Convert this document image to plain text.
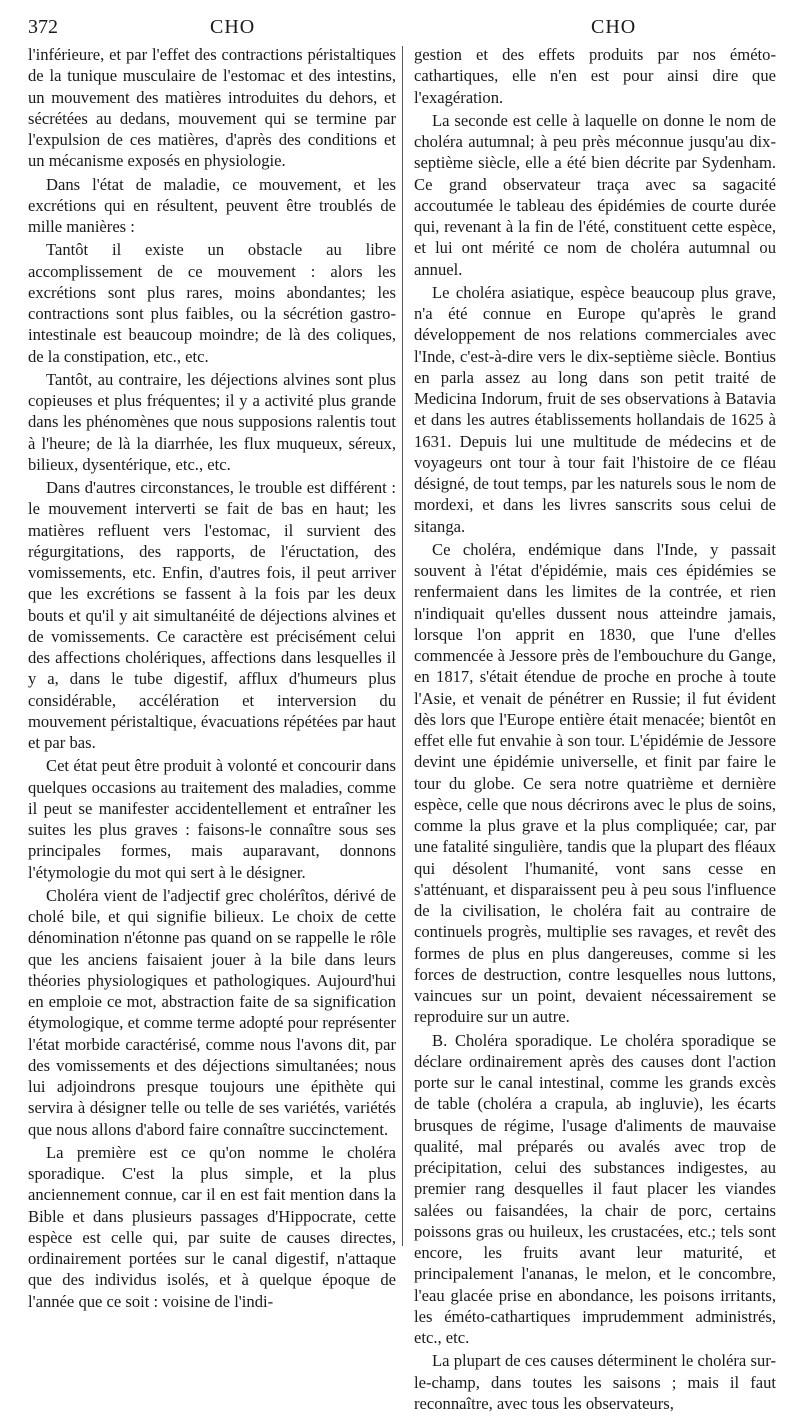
372	CHO	CHO

l'inférieure, et par l'effet des contractions péristaltiques de la tunique musculaire de l'estomac et des intestins, un mouvement des matières introduites du dehors, et sécrétées au dedans, mouvement qui se termine par l'expulsion de ces matières, d'après des conditions et un mécanisme exposés en physiologie.

Dans l'état de maladie, ce mouvement, et les excrétions qui en résultent, peuvent être troublés de mille manières :

Tantôt il existe un obstacle au libre accomplissement de ce mouvement : alors les excrétions sont plus rares, moins abondantes; les contractions sont plus faibles, ou la sécrétion gastro-intestinale est beaucoup moindre; de là des coliques, de la constipation, etc., etc.

Tantôt, au contraire, les déjections alvines sont plus copieuses et plus fréquentes; il y a activité plus grande dans les phénomènes que nous supposions ralentis tout à l'heure; de là la diarrhée, les flux muqueux, séreux, bilieux, dysentérique, etc., etc.

Dans d'autres circonstances, le trouble est différent : le mouvement interverti se fait de bas en haut; les matières refluent vers l'estomac, il survient des régurgitations, des rapports, de l'éructation, des vomissements, etc. Enfin, d'autres fois, il peut arriver que les excrétions se fassent à la fois par les deux bouts et qu'il y ait simultanéité de déjections alvines et de vomissements. Ce caractère est précisément celui des affections cholériques, affections dans lesquelles il y a, dans le tube digestif, afflux d'humeurs plus considérable, accélération et interversion du mouvement péristaltique, évacuations répétées par haut et par bas.

Cet état peut être produit à volonté et concourir dans quelques occasions au traitement des maladies, comme il peut se manifester accidentellement et entraîner les suites les plus graves : faisons-le connaître sous ses principales formes, mais auparavant, donnons l'étymologie du mot qui sert à le désigner.

Choléra vient de l'adjectif grec cholérîtos, dérivé de cholé bile, et qui signifie bilieux. Le choix de cette dénomination n'étonne pas quand on se rappelle le rôle que les anciens faisaient jouer à la bile dans leurs théories physiologiques et pathologiques. Aujourd'hui en emploie ce mot, abstraction faite de sa signification étymologique, et comme terme adopté pour représenter l'état morbide caractérisé, comme nous l'avons dit, par des vomissements et des déjections simultanées; nous lui adjoindrons presque toujours une épithète qui servira à désigner telle ou telle de ses variétés, variétés que nous allons d'abord faire connaître succinctement.

La première est ce qu'on nomme le choléra sporadique. C'est la plus simple, et la plus anciennement connue, car il en est fait mention dans la Bible et dans plusieurs passages d'Hippocrate, cette espèce est celle qui, par suite de causes directes, ordinairement portées sur le canal digestif, n'attaque que des individus isolés, et à quelque époque de l'année que ce soit : voisine de l'indi-

gestion et des effets produits par nos éméto-cathartiques, elle n'en est pour ainsi dire que l'exagération.

La seconde est celle à laquelle on donne le nom de choléra autumnal; à peu près méconnue jusqu'au dix-septième siècle, elle a été bien décrite par Sydenham. Ce grand observateur traça avec sa sagacité accoutumée le tableau des épidémies de courte durée qui, revenant à la fin de l'été, constituent cette espèce, et lui ont mérité ce nom de choléra autumnal ou annuel.

Le choléra asiatique, espèce beaucoup plus grave, n'a été connue en Europe qu'après le grand développement de nos relations commerciales avec l'Inde, c'est-à-dire vers le dix-septième siècle. Bontius en parla assez au long dans son petit traité de Medicina Indorum, fruit de ses observations à Batavia et dans les autres établissements hollandais de 1625 à 1631. Depuis lui une multitude de médecins et de voyageurs ont tour à tour fait l'histoire de ce fléau désigné, de tout temps, par les naturels sous le nom de mordexi, et dans les livres sanscrits sous celui de sitanga.

Ce choléra, endémique dans l'Inde, y passait souvent à l'état d'épidémie, mais ces épidémies se renfermaient dans les limites de la contrée, et rien n'indiquait qu'elles dussent nous atteindre jamais, lorsque l'on apprit en 1830, que l'une d'elles commencée à Jessore près de l'embouchure du Gange, en 1817, s'était étendue de proche en proche à toute l'Asie, et venait de pénétrer en Russie; il fut évident dès lors que l'Europe entière était menacée; bientôt en effet elle fut envahie à son tour. L'épidémie de Jessore devint une épidémie universelle, et finit par faire le tour du globe. Ce sera notre quatrième et dernière espèce, celle que nous décrirons avec le plus de soins, comme la plus grave et la plus compliquée; car, par une fatalité singulière, tandis que la plupart des fléaux qui désolent l'humanité, vont sans cesse en s'atténuant, et disparaissent peu à peu sous l'influence de la civilisation, le choléra fait au contraire de continuels progrès, multiplie ses ravages, et revêt des formes de plus en plus dangereuses, comme si les forces de destruction, contre lesquelles nous luttons, vaincues sur un point, devaient nécessairement se reproduire sur un autre.

B. Choléra sporadique. Le choléra sporadique se déclare ordinairement après des causes dont l'action porte sur le canal intestinal, comme les grands excès de table (choléra a crapula, ab ingluvie), les écarts brusques de régime, l'usage d'aliments de mauvaise qualité, mal préparés ou avalés avec trop de précipitation, celui des substances indigestes, au premier rang desquelles il faut placer les viandes salées ou faisandées, la chair de porc, certains poissons gras ou huileux, les crustacées, etc.; tels sont encore, les fruits avant leur maturité, et principalement l'ananas, le melon, et le concombre, l'eau glacée prise en abondance, les poisons irritants, les éméto-cathartiques imprudemment administrés, etc., etc.

La plupart de ces causes déterminent le choléra sur-le-champ, dans toutes les saisons ; mais il faut reconnaître, avec tous les observateurs,
